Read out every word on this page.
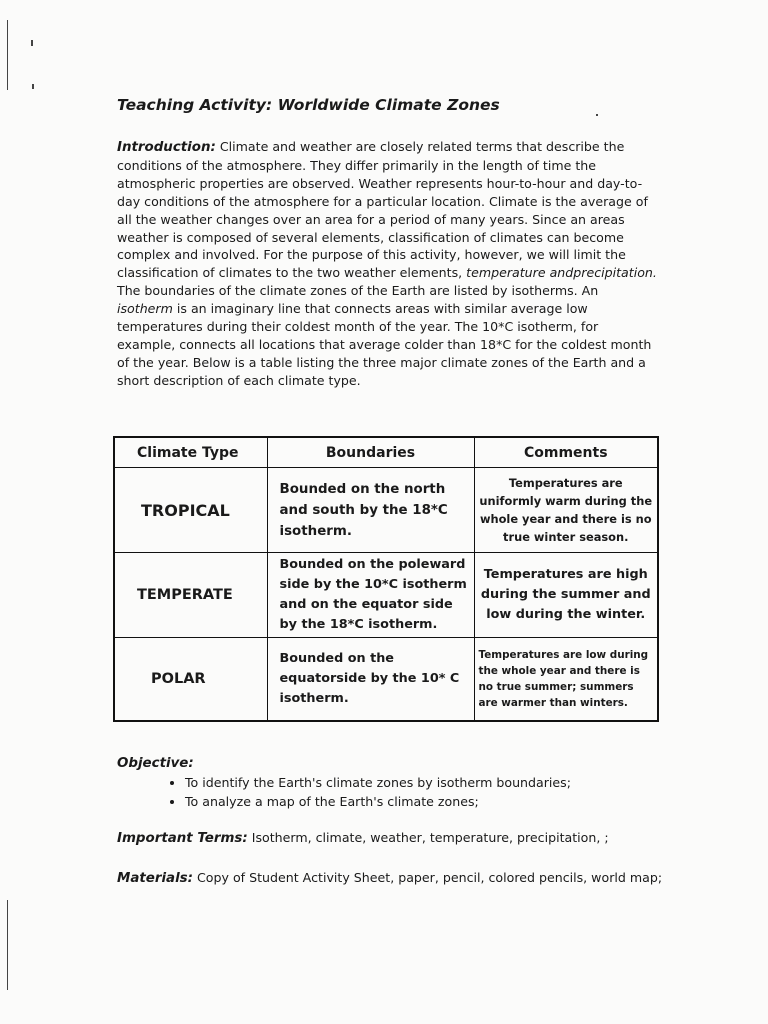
Teaching Activity: Worldwide Climate Zones

Introduction: Climate and weather are closely related terms that describe the conditions of the atmosphere. They differ primarily in the length of time the atmospheric properties are observed. Weather represents hour-to-hour and day-to-day conditions of the atmosphere for a particular location. Climate is the average of all the weather changes over an area for a period of many years. Since an areas weather is composed of several elements, classification of climates can become complex and involved. For the purpose of this activity, however, we will limit the classification of climates to the two weather elements, temperature andprecipitation. The boundaries of the climate zones of the Earth are listed by isotherms. An isotherm is an imaginary line that connects areas with similar average low temperatures during their coldest month of the year. The 10*C isotherm, for example, connects all locations that average colder than 18*C for the coldest month of the year. Below is a table listing the three major climate zones of the Earth and a short description of each climate type.

Climate Type	Boundaries	Comments
TROPICAL	Bounded on the north and south by the 18*C isotherm.	Temperatures are uniformly warm during the whole year and there is no true winter season.
TEMPERATE	Bounded on the poleward side by the 10*C isotherm and on the equator side by the 18*C isotherm.	Temperatures are high during the summer and low during the winter.
POLAR	Bounded on the equatorside by the 10* C isotherm.	Temperatures are low during the whole year and there is no true summer; summers are warmer than winters.
Objective:
• To identify the Earth's climate zones by isotherm boundaries;
• To analyze a map of the Earth's climate zones;
Important Terms: Isotherm, climate, weather, temperature, precipitation, ;
Materials: Copy of Student Activity Sheet, paper, pencil, colored pencils, world map;
